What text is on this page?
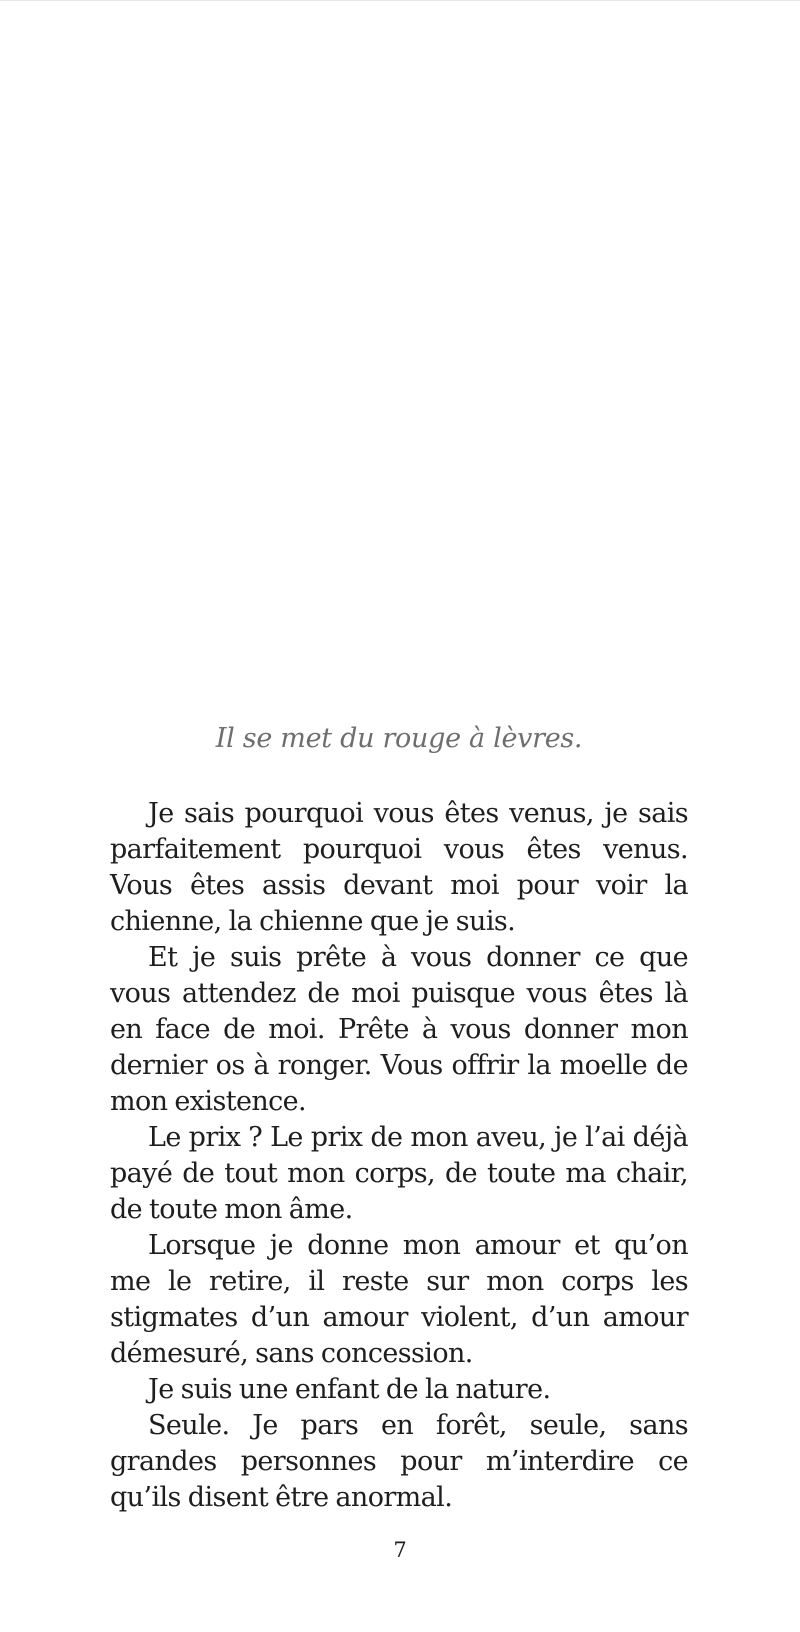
Il se met du rouge à lèvres.

Je sais pourquoi vous êtes venus, je sais parfaitement pourquoi vous êtes venus. Vous êtes assis devant moi pour voir la chienne, la chienne que je suis.

Et je suis prête à vous donner ce que vous attendez de moi puisque vous êtes là en face de moi. Prête à vous donner mon dernier os à ronger. Vous offrir la moelle de mon existence.

Le prix ? Le prix de mon aveu, je l’ai déjà payé de tout mon corps, de toute ma chair, de toute mon âme.

Lorsque je donne mon amour et qu’on me le retire, il reste sur mon corps les stigmates d’un amour violent, d’un amour démesuré, sans concession.

Je suis une enfant de la nature.

Seule. Je pars en forêt, seule, sans grandes personnes pour m’interdire ce qu’ils disent être anormal.

7
